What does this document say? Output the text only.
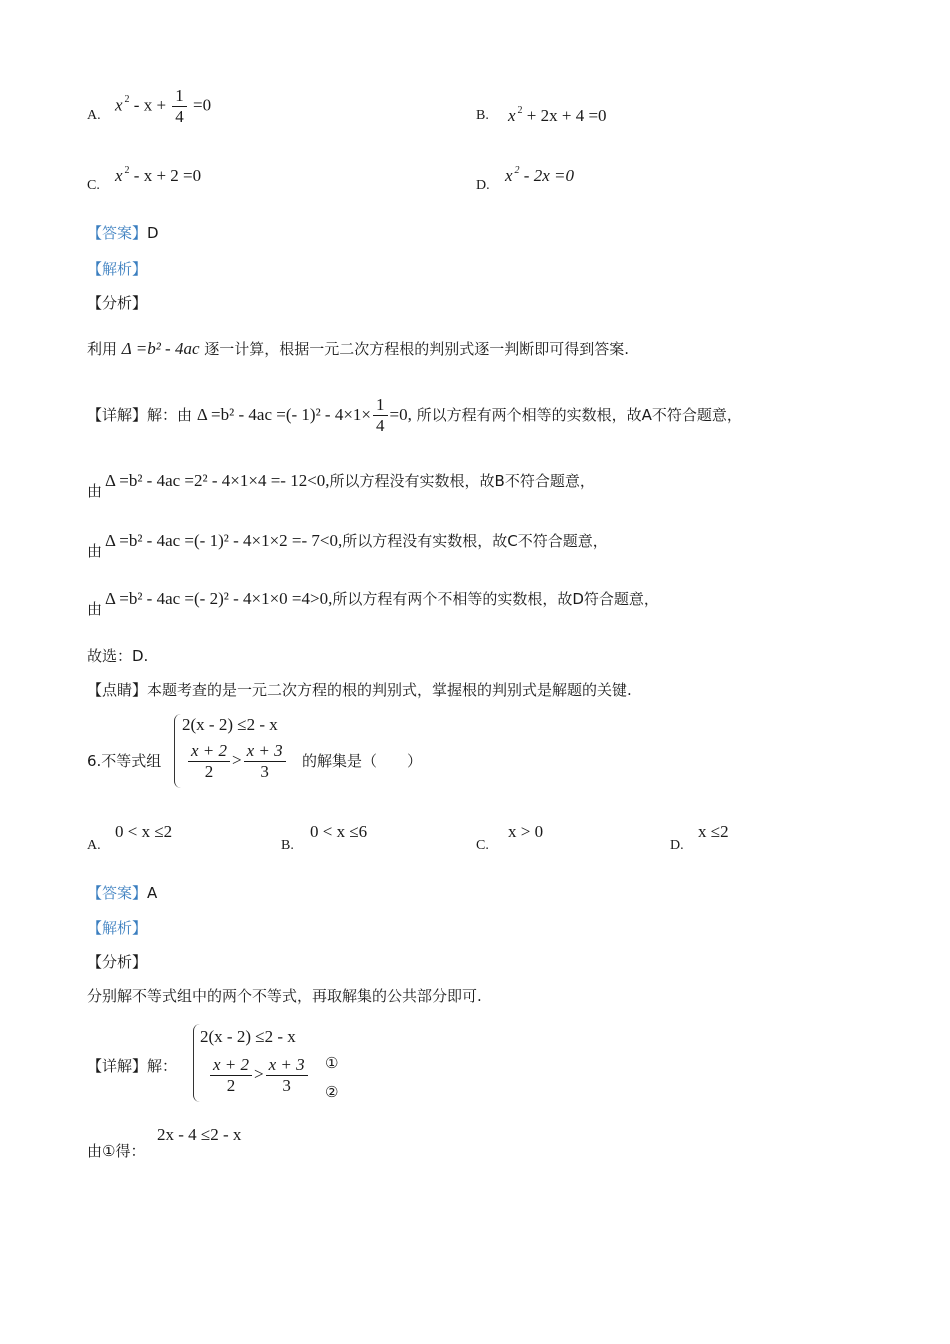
A.
x $^2 - x + \frac{1}{4} =0$
B. x $^2$ + 2x + 4 =0
C.
x $^2$ - x + 2 =0
D.
x $^2$ - 2x =0
【答案】D
【解析】
【分析】
利用 Δ =b² - 4ac 逐一计算，根据一元二次方程根的判别式逐一判断即可得到答案.
【详解】解：由 Δ =b² - 4ac =(- $1)^2 - 4\times 1\times \frac{1}{4} =0$, 所以方程有两个相等的实数根，故A不符合题意，
由
Δ =b² - 4ac =2² - 4×1×4 =- 12<0,所以方程没有实数根，故B不符合题意，
由
Δ =b² - 4ac =(- 1)² - 4×1×2 =- 7<0,所以方程没有实数根，故C不符合题意，
由
Δ =b² - 4ac =(- 2)² - 4×1×0 =4>0,所以方程有两个不相等的实数根，故D符合题意，
故选：D.
【点睛】本题考查的是一元二次方程的根的判别式，掌握根的判别式是解题的关键.
6.不等式组
2(x - 2) ≤2 - x
$\frac{x + 2}{2} > \frac{x + 3}{3}$ 的解集是（　　）
A.
0 < x ≤2
B.
0 < x ≤6
C.
x > 0
D.
x ≤2
【答案】A
【解析】
【分析】
分别解不等式组中的两个不等式，再取解集的公共部分即可.
【详解】解：
2(x - 2) ≤2 - x
$\frac{x + 2}{2} > \frac{x + 3}{3}$ ①
②
由①得：
2x - 4 ≤2 - x
